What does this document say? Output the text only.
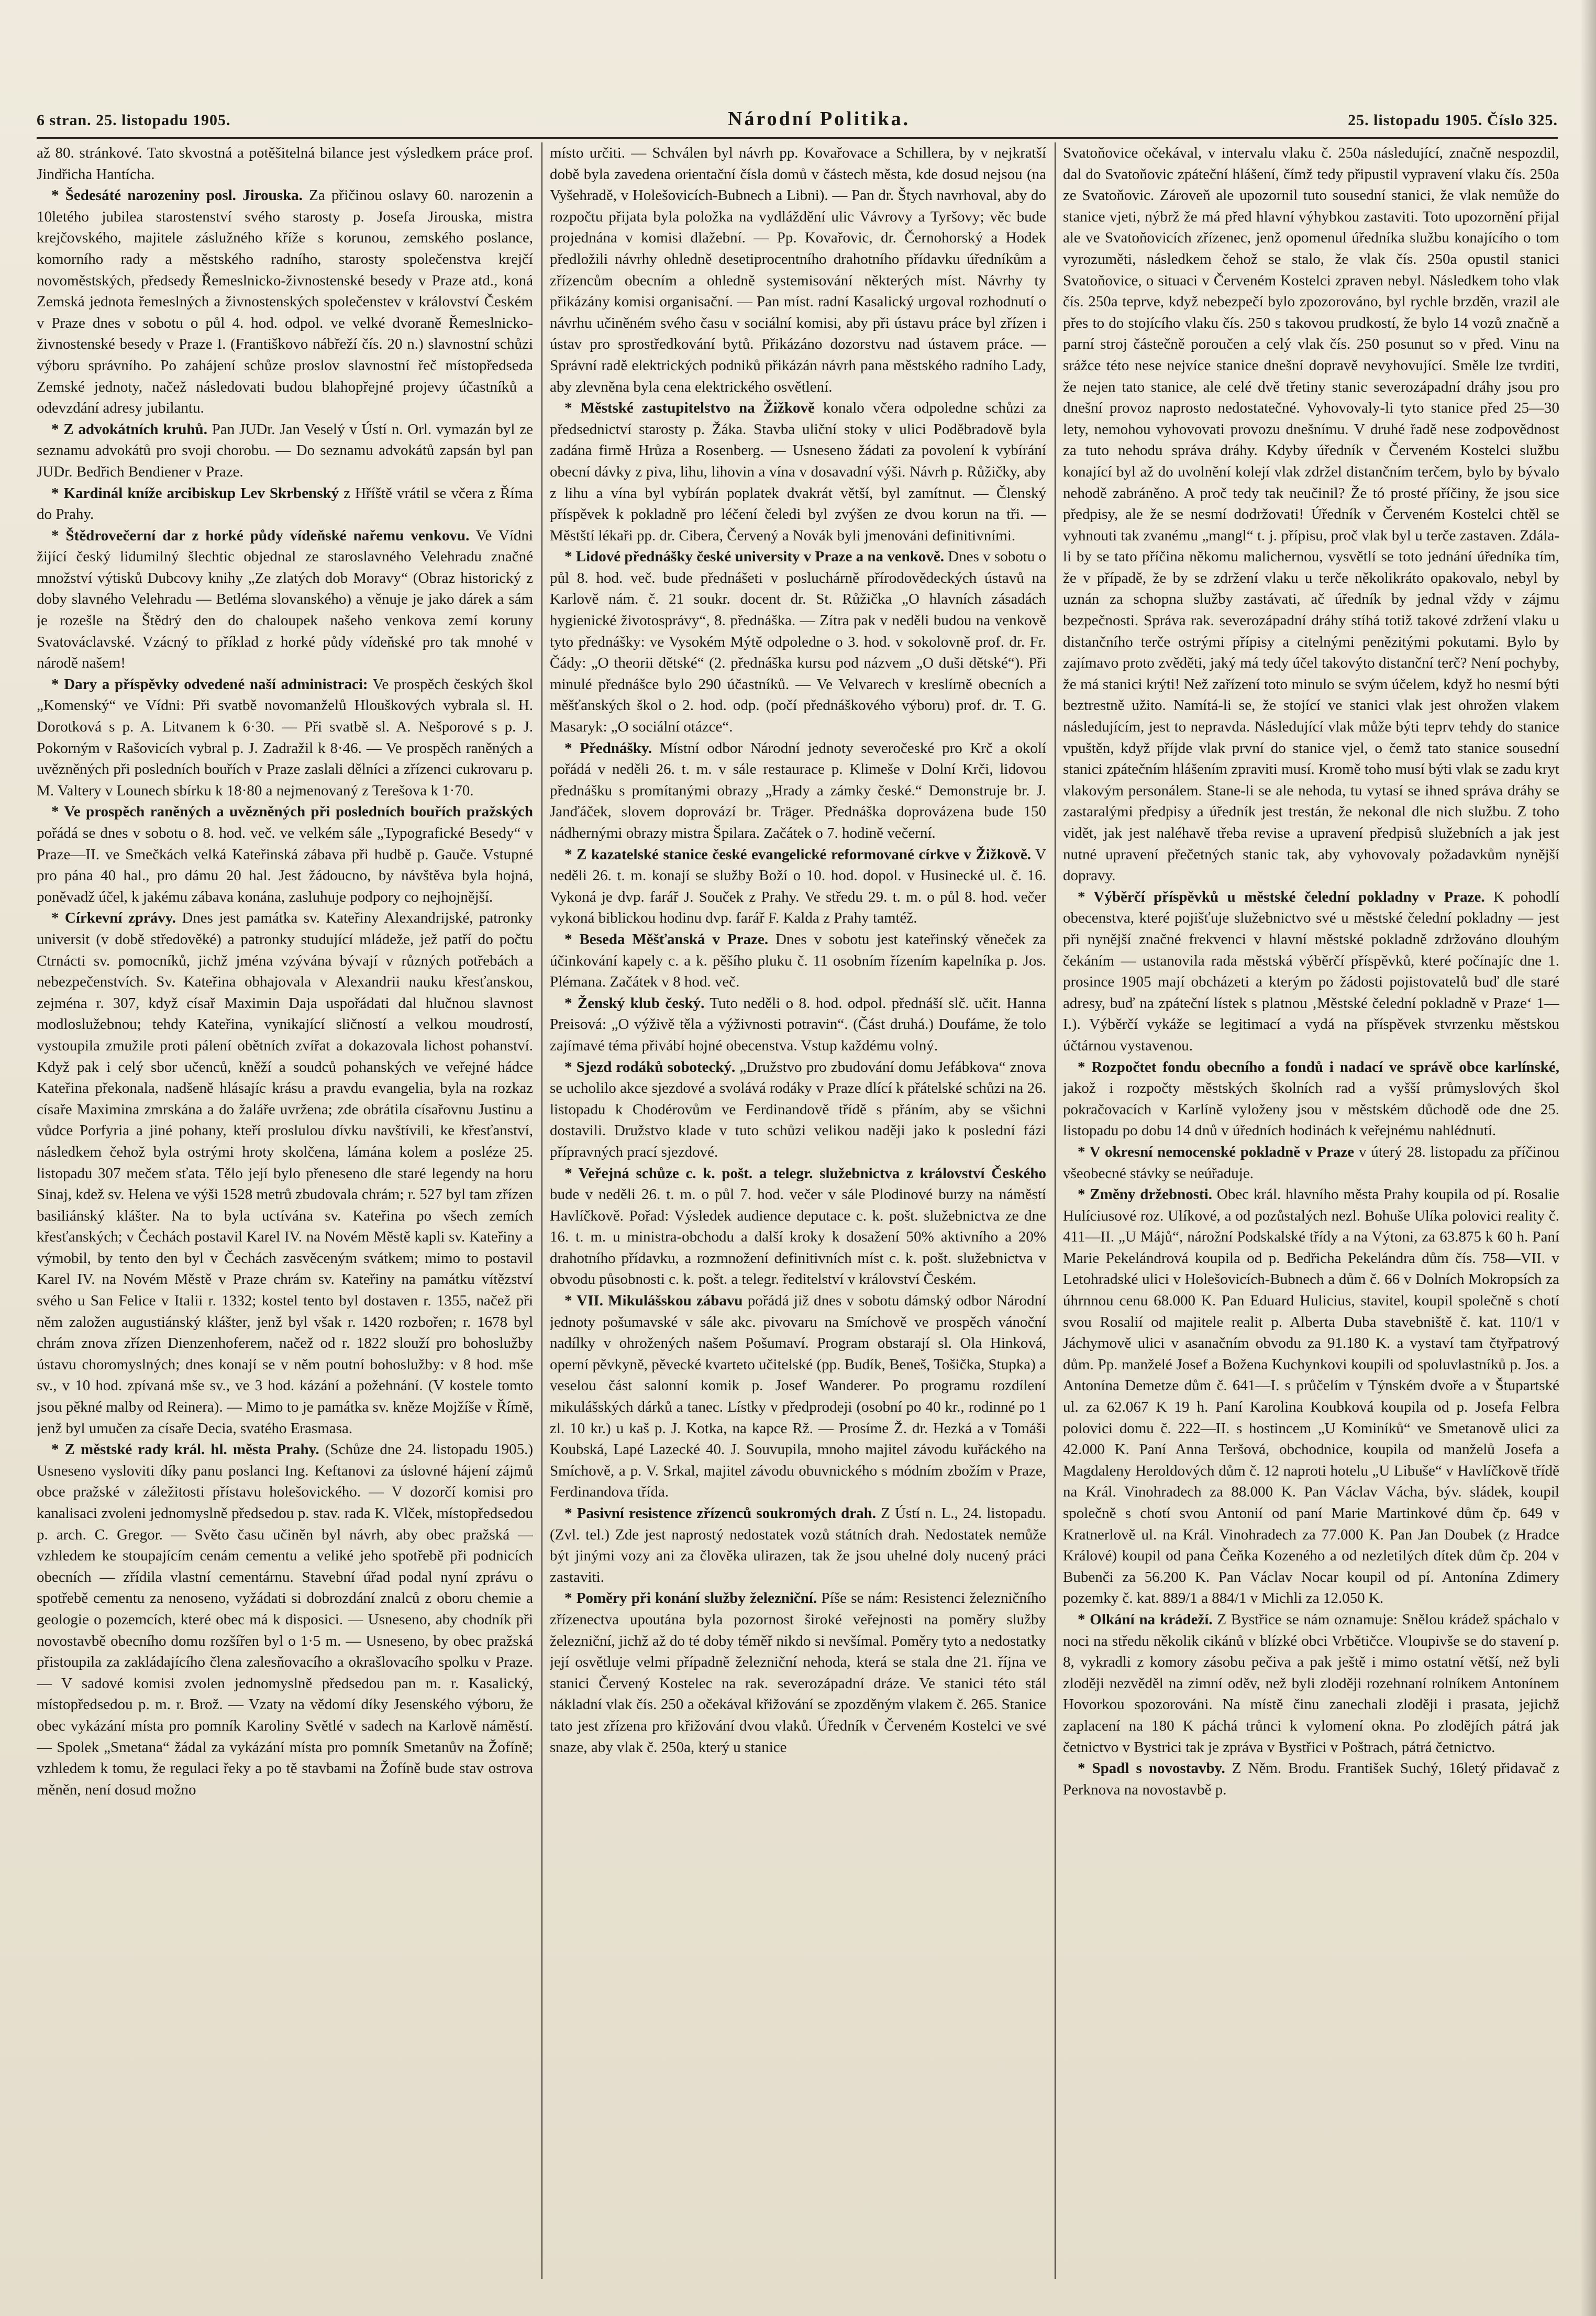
6 stran. 25. listopadu 1905.	Národní Politika.	25. listopadu 1905. Číslo 325.

až 80. stránkové. Tato skvostná a potěšitelná bilance jest výsledkem práce prof. Jindřicha Hantícha.

* Šedesáté narozeniny posl. Jirouska. Za přičinou oslavy 60. narozenin a 10letého jubilea starostenství svého starosty p. Josefa Jirouska, mistra krejčovského, majitele záslužného kříže s korunou, zemského poslance, komorního rady a městského radního, starosty společenstva krejčí novoměstských, předsedy Řemeslnicko-živnostenské besedy v Praze atd., koná Zemská jednota řemeslných a živnostenských společenstev v království Českém v Praze dnes v sobotu o půl 4. hod. odpol. ve velké dvoraně Řemeslnicko-živnostenské besedy v Praze I. (Františkovo nábřeží čís. 20 n.) slavnostní schůzi výboru správního. Po zahájení schůze proslov slavnostní řeč místopředseda Zemské jednoty, načež následovati budou blahopřejné projevy účastníků a odevzdání adresy jubilantu.

* Z advokátních kruhů. Pan JUDr. Jan Veselý v Ústí n. Orl. vymazán byl ze seznamu advokátů pro svoji chorobu. — Do seznamu advokátů zapsán byl pan JUDr. Bedřich Bendiener v Praze.

* Kardinál kníže arcibiskup Lev Skrbenský z Hříště vrátil se včera z Říma do Prahy.

* Štědrovečerní dar z horké půdy vídeňské nařemu venkovu. Ve Vídni žijící český lidumilný šlechtic objednal ze staroslavného Velehradu značné množství výtisků Dubcovy knihy „Ze zlatých dob Moravy“ (Obraz historický z doby slavného Velehradu — Betléma slovanského) a věnuje je jako dárek a sám je rozešle na Štědrý den do chaloupek našeho venkova zemí koruny Svatováclavské. Vzácný to příklad z horké půdy vídeňské pro tak mnohé v národě našem!

* Dary a příspěvky odvedené naší administraci: Ve prospěch českých škol „Komenský“ ve Vídni: Při svatbě novomanželů Hlouškových vybrala sl. H. Dorotková s p. A. Litvanem k 6·30. — Při svatbě sl. A. Nešporové s p. J. Pokorným v Rašovicích vybral p. J. Zadražil k 8·46. — Ve prospěch raněných a uvězněných při posledních bouřích v Praze zaslali dělníci a zřízenci cukrovaru p. M. Valtery v Lounech sbírku k 18·80 a nejmenovaný z Terešova k 1·70.

* Ve prospěch raněných a uvězněných při posledních bouřích pražských pořádá se dnes v sobotu o 8. hod. več. ve velkém sále „Typografické Besedy“ v Praze—II. ve Smečkách velká Kateřinská zábava při hudbě p. Gauče. Vstupné pro pána 40 hal., pro dámu 20 hal. Jest žádoucno, by návštěva byla hojná, poněvadž účel, k jakému zábava konána, zasluhuje podpory co nejhojnější.

* Církevní zprávy. Dnes jest památka sv. Kateřiny Alexandrijské, patronky universit (v době středověké) a patronky studující mládeže, jež patří do počtu Ctrnácti sv. pomocníků, jichž jména vzývána bývají v různých potřebách a nebezpečenstvích. Sv. Kateřina obhajovala v Alexandrii nauku křesťanskou, zejména r. 307, když císař Maximin Daja uspořádati dal hlučnou slavnost modloslužebnou; tehdy Kateřina, vynikající sličností a velkou moudrostí, vystoupila zmužile proti pálení obětních zvířat a dokazovala lichost pohanství. Když pak i celý sbor učenců, kněží a soudců pohanských ve veřejné hádce Kateřina překonala, nadšeně hlásajíc krásu a pravdu evangelia, byla na rozkaz císaře Maximina zmrskána a do žaláře uvržena; zde obrátila císařovnu Justinu a vůdce Porfyria a jiné pohany, kteří proslulou dívku navštívili, ke křesťanství, následkem čehož byla ostrými hroty skolčena, lámána kolem a posléze 25. listopadu 307 mečem sťata. Tělo její bylo přeneseno dle staré legendy na horu Sinaj, kdež sv. Helena ve výši 1528 metrů zbudovala chrám; r. 527 byl tam zřízen basiliánský klášter. Na to byla uctívána sv. Kateřina po všech zemích křesťanských; v Čechách postavil Karel IV. na Novém Městě kapli sv. Kateřiny a výmobil, by tento den byl v Čechách zasvěceným svátkem; mimo to postavil Karel IV. na Novém Městě v Praze chrám sv. Kateřiny na památku vítězství svého u San Felice v Italii r. 1332; kostel tento byl dostaven r. 1355, načež při něm založen augustiánský klášter, jenž byl však r. 1420 rozbořen; r. 1678 byl chrám znova zřízen Dienzenhoferem, načež od r. 1822 slouží pro bohoslužby ústavu choromyslných; dnes konají se v něm poutní bohoslužby: v 8 hod. mše sv., v 10 hod. zpívaná mše sv., ve 3 hod. kázání a požehnání. (V kostele tomto jsou pěkné malby od Reinera). — Mimo to je památka sv. kněze Mojžíše v Římě, jenž byl umučen za císaře Decia, svatého Erasmasa.

* Z městské rady král. hl. města Prahy. (Schůze dne 24. listopadu 1905.) Usneseno vysloviti díky panu poslanci Ing. Keftanovi za úslovné hájení zájmů obce pražské v záležitosti přístavu holešovického. — V dozorčí komisi pro kanalisaci zvoleni jednomyslně předsedou p. stav. rada K. Vlček, místopředsedou p. arch. C. Gregor. — Světo času učiněn byl návrh, aby obec pražská — vzhledem ke stoupajícím cenám cementu a veliké jeho spotřebě při podnicích obecních — zřídila vlastní cementárnu. Stavební úřad podal nyní zprávu o spotřebě cementu za nenoseno, vyžádati si dobrozdání znalců z oboru chemie a geologie o pozemcích, které obec má k disposici. — Usneseno, aby chodník při novostavbě obecního domu rozšířen byl o 1·5 m. — Usneseno, by obec pražská přistoupila za zakládajícího člena zalesňovacího a okrašlovacího spolku v Praze. — V sadové komisi zvolen jednomyslně předsedou pan m. r. Kasalický, místopředsedou p. m. r. Brož. — Vzaty na vědomí díky Jesenského výboru, že obec vykázání místa pro pomník Karoliny Světlé v sadech na Karlově náměstí. — Spolek „Smetana“ žádal za vykázání místa pro pomník Smetanův na Žofíně; vzhledem k tomu, že regulaci řeky a po tě stavbami na Žofíně bude stav ostrova měněn, není dosud možno

místo určiti. — Schválen byl návrh pp. Kovařovace a Schillera, by v nejkratší době byla zavedena orientační čísla domů v částech města, kde dosud nejsou (na Vyšehradě, v Holešovicích-Bubnech a Libni). — Pan dr. Štych navrhoval, aby do rozpočtu přijata byla položka na vydláždění ulic Vávrovy a Tyršovy; věc bude projednána v komisi dlažební. — Pp. Kovařovic, dr. Černohorský a Hodek předložili návrhy ohledně desetiprocentního drahotního přídavku úředníkům a zřízencům obecním a ohledně systemisování některých míst. Návrhy ty přikázány komisi organisační. — Pan míst. radní Kasalický urgoval rozhodnutí o návrhu učiněném svého času v sociální komisi, aby při ústavu práce byl zřízen i ústav pro sprostředkování bytů. Přikázáno dozorstvu nad ústavem práce. — Správní radě elektrických podniků přikázán návrh pana městského radního Lady, aby zlevněna byla cena elektrického osvětlení.

* Městské zastupitelstvo na Žižkově konalo včera odpoledne schůzi za předsednictví starosty p. Žáka. Stavba uliční stoky v ulici Poděbradově byla zadána firmě Hrůza a Rosenberg. — Usneseno žádati za povolení k vybírání obecní dávky z piva, lihu, lihovin a vína v dosavadní výši. Návrh p. Růžičky, aby z lihu a vína byl vybírán poplatek dvakrát větší, byl zamítnut. — Členský příspěvek k pokladně pro léčení čeledi byl zvýšen ze dvou korun na tři. — Městští lékaři pp. dr. Cibera, Červený a Novák byli jmenováni definitivními.

* Lidové přednášky české university v Praze a na venkově. Dnes v sobotu o půl 8. hod. več. bude přednášeti v posluchárně přírodovědeckých ústavů na Karlově nám. č. 21 soukr. docent dr. St. Růžička „O hlavních zásadách hygienické životosprávy“, 8. přednáška. — Zítra pak v neděli budou na venkově tyto přednášky: ve Vysokém Mýtě odpoledne o 3. hod. v sokolovně prof. dr. Fr. Čády: „O theorii dětské“ (2. přednáška kursu pod názvem „O duši dětské“). Při minulé přednášce bylo 290 účastníků. — Ve Velvarech v kreslírně obecních a měšťanských škol o 2. hod. odp. (počí přednáškového výboru) prof. dr. T. G. Masaryk: „O sociální otázce“.

* Přednášky. Místní odbor Národní jednoty severočeské pro Krč a okolí pořádá v neděli 26. t. m. v sále restaurace p. Klimeše v Dolní Krči, lidovou přednášku s promítanými obrazy „Hrady a zámky české.“ Demonstruje br. J. Janďáček, slovem doprovází br. Träger. Přednáška doprovázena bude 150 nádhernými obrazy mistra Špilara. Začátek o 7. hodině večerní.

* Z kazatelské stanice české evangelické reformované církve v Žižkově. V neděli 26. t. m. konají se služby Boží o 10. hod. dopol. v Husinecké ul. č. 16. Vykoná je dvp. farář J. Souček z Prahy. Ve středu 29. t. m. o půl 8. hod. večer vykoná biblickou hodinu dvp. farář F. Kalda z Prahy tamtéž.

* Beseda Měšťanská v Praze. Dnes v sobotu jest kateřinský věneček za účinkování kapely c. a k. pěšího pluku č. 11 osobním řízením kapelníka p. Jos. Plémana. Začátek v 8 hod. več.

* Ženský klub český. Tuto neděli o 8. hod. odpol. přednáší slč. učit. Hanna Preisová: „O výživě těla a výživnosti potravin“. (Část druhá.) Doufáme, že tolo zajímavé téma přivábí hojné obecenstva. Vstup každému volný.

* Sjezd rodáků sobotecký. „Družstvo pro zbudování domu Jefábkova“ znova se ucholilo akce sjezdové a svolává rodáky v Praze dlící k přátelské schůzi na 26. listopadu k Chodérovům ve Ferdinandově třídě s přáním, aby se všichni dostavili. Družstvo klade v tuto schůzi velikou naději jako k poslední fázi přípravných prací sjezdové.

* Veřejná schůze c. k. pošt. a telegr. služebnictva z království Českého bude v neděli 26. t. m. o půl 7. hod. večer v sále Plodinové burzy na náměstí Havlíčkově. Pořad: Výsledek audience deputace c. k. pošt. služebnictva ze dne 16. t. m. u ministra-obchodu a další kroky k dosažení 50% aktivního a 20% drahotního přídavku, a rozmnožení definitivních míst c. k. pošt. služebnictva v obvodu působnosti c. k. pošt. a telegr. ředitelství v království Českém.

* VII. Mikulášskou zábavu pořádá již dnes v sobotu dámský odbor Národní jednoty pošumavské v sále akc. pivovaru na Smíchově ve prospěch vánoční nadílky v ohrožených našem Pošumaví. Program obstarají sl. Ola Hinková, operní pěvkyně, pěvecké kvarteto učitelské (pp. Budík, Beneš, Tošička, Stupka) a veselou část salonní komik p. Josef Wanderer. Po programu rozdílení mikulášských dárků a tanec. Lístky v předprodeji (osobní po 40 kr., rodinné po 1 zl. 10 kr.) u kaš p. J. Kotka, na kapce Rž. — Prosíme Ž. dr. Hezká a v Tomáši Koubská, Lapé Lazecké 40. J. Souvupila, mnoho majitel závodu kuřáckého na Smíchově, a p. V. Srkal, majitel závodu obuvnického s módním zbožím v Praze, Ferdinandova třída.

* Pasivní resistence zřízenců soukromých drah. Z Ústí n. L., 24. listopadu. (Zvl. tel.) Zde jest naprostý nedostatek vozů státních drah. Nedostatek nemůže být jinými vozy ani za člověka ulirazen, tak že jsou uhelné doly nucený práci zastaviti.

* Poměry při konání služby železniční. Píše se nám: Resistenci železničního zřízenectva upoutána byla pozornost široké veřejnosti na poměry služby železniční, jichž až do té doby téměř nikdo si nevšímal. Poměry tyto a nedostatky její osvětluje velmi případně železniční nehoda, která se stala dne 21. října ve stanici Červený Kostelec na rak. severozápadní dráze. Ve stanici této stál nákladní vlak čís. 250 a očekával křižování se zpozděným vlakem č. 265. Stanice tato jest zřízena pro křižování dvou vlaků. Úředník v Červeném Kostelci ve své snaze, aby vlak č. 250a, který u stanice

Svatoňovice očekával, v intervalu vlaku č. 250a následující, značně nespozdil, dal do Svatoňovic zpáteční hlášení, čímž tedy připustil vypravení vlaku čís. 250a ze Svatoňovic. Zároveň ale upozornil tuto sousední stanici, že vlak nemůže do stanice vjeti, nýbrž že má před hlavní výhybkou zastaviti. Toto upozornění přijal ale ve Svatoňovicích zřízenec, jenž opomenul úředníka službu konajícího o tom vyrozuměti, následkem čehož se stalo, že vlak čís. 250a opustil stanici Svatoňovice, o situaci v Červeném Kostelci zpraven nebyl. Následkem toho vlak čís. 250a teprve, když nebezpečí bylo zpozorováno, byl rychle brzděn, vrazil ale přes to do stojícího vlaku čís. 250 s takovou prudkostí, že bylo 14 vozů značně a parní stroj částečně poroučen a celý vlak čís. 250 posunut so v před. Vinu na srážce této nese nejvíce stanice dnešní dopravě nevyhovující. Směle lze tvrditi, že nejen tato stanice, ale celé dvě třetiny stanic severozápadní dráhy jsou pro dnešní provoz naprosto nedostatečné. Vyhovovaly-li tyto stanice před 25—30 lety, nemohou vyhovovati provozu dnešnímu. V druhé řadě nese zodpovědnost za tuto nehodu správa dráhy. Kdyby úředník v Červeném Kostelci službu konající byl až do uvolnění kolejí vlak zdržel distančním terčem, bylo by bývalo nehodě zabráněno. A proč tedy tak neučinil? Že tó prosté příčiny, že jsou sice předpisy, ale že se nesmí dodržovati! Úředník v Červeném Kostelci chtěl se vyhnouti tak zvanému „mangl“ t. j. přípisu, proč vlak byl u terče zastaven. Zdála-li by se tato příčina někomu malichernou, vysvětlí se toto jednání úředníka tím, že v případě, že by se zdržení vlaku u terče několikráto opakovalo, nebyl by uznán za schopna služby zastávati, ač úředník by jednal vždy v zájmu bezpečnosti. Správa rak. severozápadní dráhy stíhá totiž takové zdržení vlaku u distančního terče ostrými přípisy a citelnými penězitými pokutami. Bylo by zajímavo proto zvěděti, jaký má tedy účel takovýto distanční terč? Není pochyby, že má stanici krýti! Než zařízení toto minulo se svým účelem, když ho nesmí býti beztrestně užito. Namítá-li se, že stojící ve stanici vlak jest ohrožen vlakem následujícím, jest to nepravda. Následující vlak může býti teprv tehdy do stanice vpuštěn, když příjde vlak první do stanice vjel, o čemž tato stanice sousední stanici zpátečním hlášením zpraviti musí. Kromě toho musí býti vlak se zadu kryt vlakovým personálem. Stane-li se ale nehoda, tu vytasí se ihned správa dráhy se zastaralými předpisy a úředník jest trestán, že nekonal dle nich službu. Z toho vidět, jak jest naléhavě třeba revise a upravení předpisů služebních a jak jest nutné upravení přečetných stanic tak, aby vyhovovaly požadavkům nynější dopravy.

* Výběrčí příspěvků u městské čelední pokladny v Praze. K pohodlí obecenstva, které pojišťuje služebnictvo své u městské čelední pokladny — jest při nynější značné frekvenci v hlavní městské pokladně zdržováno dlouhým čekáním — ustanovila rada městská výběrčí příspěvků, které počínajíc dne 1. prosince 1905 mají obcházeti a kterým po žádosti pojistovatelů buď dle staré adresy, buď na zpáteční lístek s platnou ‚Městské čelední pokladně v Praze‘ 1—I.). Výběrčí vykáže se legitimací a vydá na příspěvek stvrzenku městskou účtárnou vystavenou.

* Rozpočtet fondu obecního a fondů i nadací ve správě obce karlínské, jakož i rozpočty městských školních rad a vyšší průmyslových škol pokračovacích v Karlíně vyloženy jsou v městském důchodě ode dne 25. listopadu po dobu 14 dnů v úředních hodinách k veřejnému nahlédnutí.

* V okresní nemocenské pokladně v Praze v úterý 28. listopadu za příčinou všeobecné stávky se neúřaduje.

* Změny držebnosti. Obec král. hlavního města Prahy koupila od pí. Rosalie Hulíciusové roz. Ulíkové, a od pozůstalých nezl. Bohuše Ulíka polovici reality č. 411—II. „U Májů“, nárožní Podskalské třídy a na Výtoni, za 63.875 k 60 h. Paní Marie Pekelándrová koupila od p. Bedřicha Pekelándra dům čís. 758—VII. v Letohradské ulici v Holešovicích-Bubnech a dům č. 66 v Dolních Mokropsích za úhrnnou cenu 68.000 K. Pan Eduard Hulicius, stavitel, koupil společně s chotí svou Rosalií od majitele realit p. Alberta Duba stavebniště č. kat. 110/1 v Jáchymově ulici v asanačním obvodu za 91.180 K. a vystaví tam čtyřpatrový dům. Pp. manželé Josef a Božena Kuchynkovi koupili od spoluvlastníků p. Jos. a Antonína Demetze dům č. 641—I. s průčelím v Týnském dvoře a v Štupartské ul. za 62.067 K 19 h. Paní Karolina Koubková koupila od p. Josefa Felbra polovici domu č. 222—II. s hostincem „U Kominíků“ ve Smetanově ulici za 42.000 K. Paní Anna Teršová, obchodnice, koupila od manželů Josefa a Magdaleny Heroldových dům č. 12 naproti hotelu „U Libuše“ v Havlíčkově třídě na Král. Vinohradech za 88.000 K. Pan Václav Vácha, býv. sládek, koupil společně s chotí svou Antonií od paní Marie Martinkové dům čp. 649 v Kratnerlově ul. na Král. Vinohradech za 77.000 K. Pan Jan Doubek (z Hradce Králové) koupil od pana Čeňka Kozeného a od nezletilých dítek dům čp. 204 v Bubenči za 56.200 K. Pan Václav Nocar koupil od pí. Antonína Zdimery pozemky č. kat. 889/1 a 884/1 v Michli za 12.050 K.

* Olkání na krádeží. Z Bystřice se nám oznamuje: Snělou krádež spáchalo v noci na středu několik cikánů v blízké obci Vrbětičce. Vloupivše se do stavení p. 8, vykradli z komory zásobu pečiva a pak ještě i mimo ostatní větší, než byli zloději nezvěděl na zimní oděv, než byli zloději rozehnaní rolníkem Antonínem Hovorkou spozorováni. Na místě činu zanechali zloději i prasata, jejichž zaplacení na 180 K páchá trůnci k vylomení okna. Po zlodějích pátrá jak četnictvo v Bystrici tak je zpráva v Bystřici v Poštrach, pátrá četnictvo.

* Spadl s novostavby. Z Něm. Brodu. František Suchý, 16letý přidavač z Perknova na novostavbě p.
